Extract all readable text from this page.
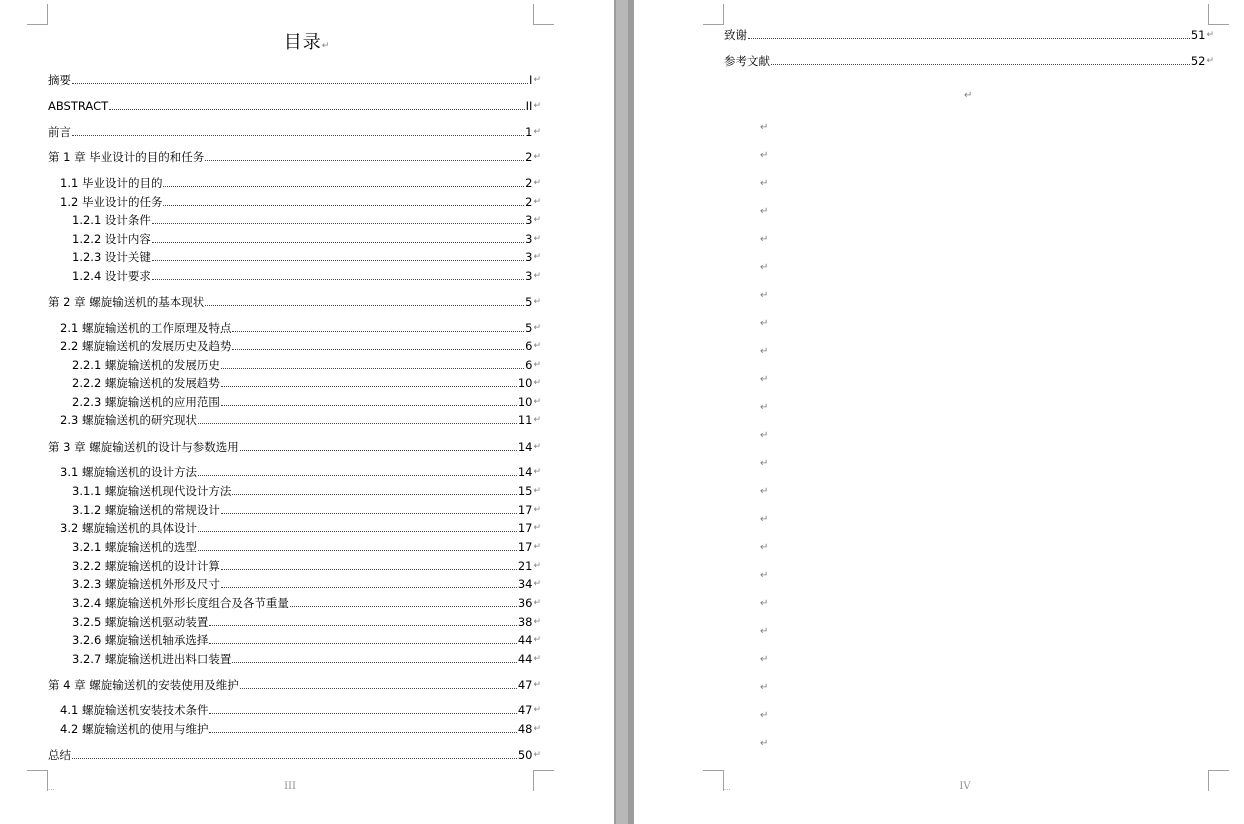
目录↵
摘要	I ↵
ABSTRACT	II ↵
前言	1 ↵
第 1 章 毕业设计的目的和任务	2 ↵
1.1 毕业设计的目的	2 ↵
1.2 毕业设计的任务	2 ↵
1.2.1 设计条件	3 ↵
1.2.2 设计内容	3 ↵
1.2.3 设计关键	3 ↵
1.2.4 设计要求	3 ↵
第 2 章 螺旋输送机的基本现状	5 ↵
2.1 螺旋输送机的工作原理及特点	5 ↵
2.2 螺旋输送机的发展历史及趋势	6 ↵
2.2.1 螺旋输送机的发展历史	6 ↵
2.2.2 螺旋输送机的发展趋势	10 ↵
2.2.3 螺旋输送机的应用范围	10 ↵
2.3 螺旋输送机的研究现状	11 ↵
第 3 章 螺旋输送机的设计与参数选用	14 ↵
3.1 螺旋输送机的设计方法	14 ↵
3.1.1 螺旋输送机现代设计方法	15 ↵
3.1.2 螺旋输送机的常规设计	17 ↵
3.2 螺旋输送机的具体设计	17 ↵
3.2.1 螺旋输送机的选型	17 ↵
3.2.2 螺旋输送机的设计计算	21 ↵
3.2.3 螺旋输送机外形及尺寸	34 ↵
3.2.4 螺旋输送机外形长度组合及各节重量	36 ↵
3.2.5 螺旋输送机驱动装置	38 ↵
3.2.6 螺旋输送机轴承选择	44 ↵
3.2.7 螺旋输送机进出料口装置	44 ↵
第 4 章 螺旋输送机的安装使用及维护	47 ↵
4.1 螺旋输送机安装技术条件	47 ↵
4.2 螺旋输送机的使用与维护	48 ↵
总结	50 ↵
...	III
致谢	51 ↵
参考文献	52 ↵
↵
↵
↵
↵
↵
↵
↵
↵
↵
↵
↵
↵
↵
↵
↵
↵
↵
↵
↵
↵
↵
↵
↵
↵
...	IV
